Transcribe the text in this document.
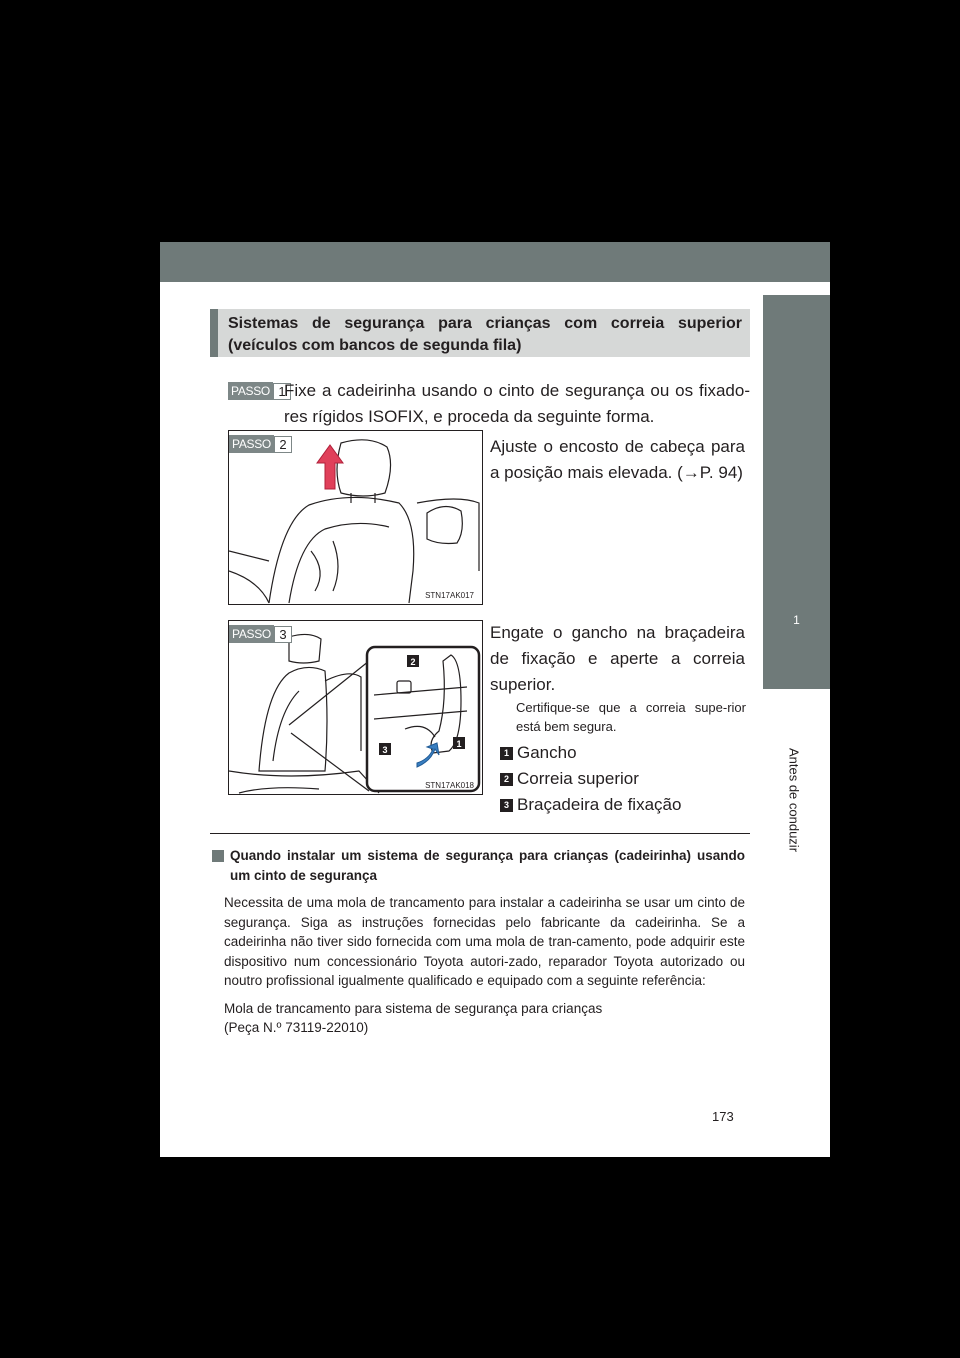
1
Antes de conduzir
Sistemas de segurança para crianças com correia superior (veículos com bancos de segunda fila)
PASSO 1
Fixe a cadeirinha usando o cinto de segurança ou os fixado-res rígidos ISOFIX, e proceda da seguinte forma.
PASSO 2
STN17AK017
Ajuste o encosto de cabeça para a posição mais elevada. (→P. 94)
2
3
1
PASSO 3
STN17AK018
Engate o gancho na braçadeira de fixação e aperte a correia superior.
Certifique-se que a correia supe-rior está bem segura.
1 Gancho
2 Correia superior
3 Braçadeira de fixação
Quando instalar um sistema de segurança para crianças (cadeirinha) usando um cinto de segurança

Necessita de uma mola de trancamento para instalar a cadeirinha se usar um cinto de segurança. Siga as instruções fornecidas pelo fabricante da cadeirinha. Se a cadeirinha não tiver sido fornecida com uma mola de tran-camento, pode adquirir este dispositivo num concessionário Toyota autori-zado, reparador Toyota autorizado ou noutro profissional igualmente qualificado e equipado com a seguinte referência:

Mola de trancamento para sistema de segurança para crianças
(Peça N.º 73119-22010)
173
